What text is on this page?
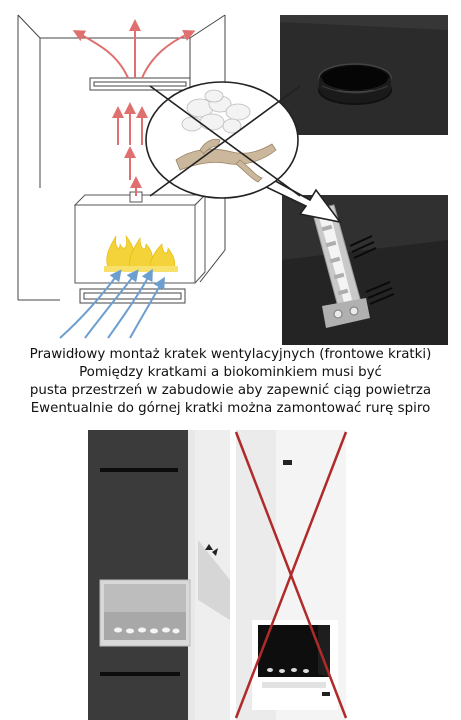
Prawidłowy montaż kratek wentylacyjnych (frontowe kratki)
Pomiędzy kratkami a biokominkiem musi być
pusta przestrzeń w zabudowie aby zapewnić ciąg powietrza
Ewentualnie do górnej kratki można zamontować rurę spiro
